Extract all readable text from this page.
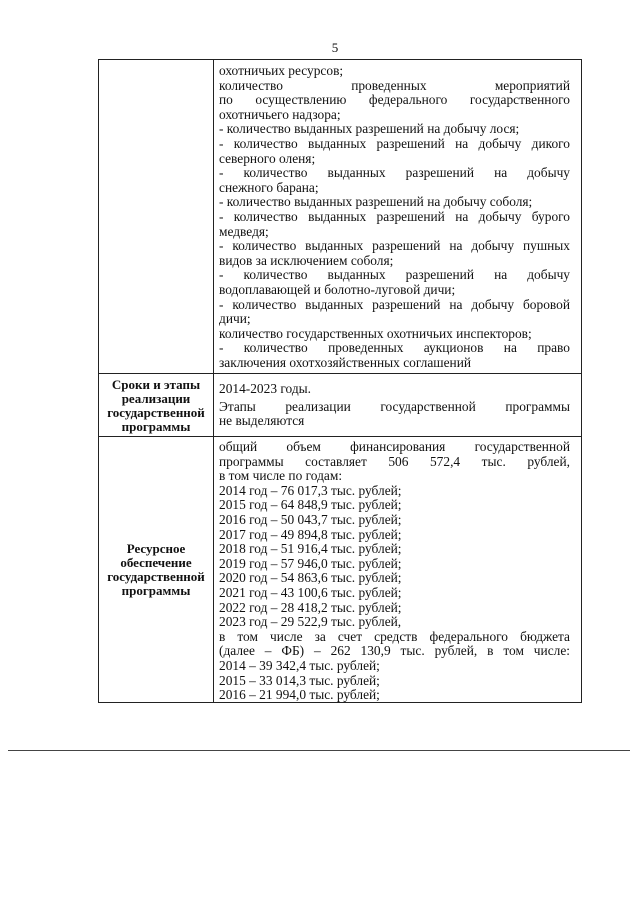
5
охотничьих ресурсов;
количество проведенных мероприятий
по осуществлению федерального государственного
охотничьего надзора;
- количество выданных разрешений на добычу лося;
- количество выданных разрешений на добычу дикого
северного оленя;
- количество выданных разрешений на добычу
снежного барана;
- количество выданных разрешений на добычу соболя;
- количество выданных разрешений на добычу бурого
медведя;
- количество выданных разрешений на добычу пушных
видов за исключением соболя;
- количество выданных разрешений на добычу
водоплавающей и болотно-луговой дичи;
- количество выданных разрешений на добычу боровой
дичи;
количество государственных охотничьих инспекторов;
- количество проведенных аукционов на право
заключения охотхозяйственных соглашений
Сроки и этапы
реализации
государственной
программы
2014-2023 годы.
Этапы реализации государственной программы
не выделяются
Ресурсное
обеспечение
государственной
программы
общий объем финансирования государственной
программы составляет 506 572,4 тыс. рублей,
в том числе по годам:
2014 год – 76 017,3 тыс. рублей;
2015 год – 64 848,9 тыс. рублей;
2016 год – 50 043,7 тыс. рублей;
2017 год – 49 894,8 тыс. рублей;
2018 год – 51 916,4 тыс. рублей;
2019 год – 57 946,0 тыс. рублей;
2020 год – 54 863,6 тыс. рублей;
2021 год – 43 100,6 тыс. рублей;
2022 год – 28 418,2 тыс. рублей;
2023 год – 29 522,9 тыс. рублей,
в том числе за счет средств федерального бюджета
(далее – ФБ) – 262 130,9 тыс. рублей, в том числе:
2014 – 39 342,4 тыс. рублей;
2015 – 33 014,3 тыс. рублей;
2016 – 21 994,0 тыс. рублей;
